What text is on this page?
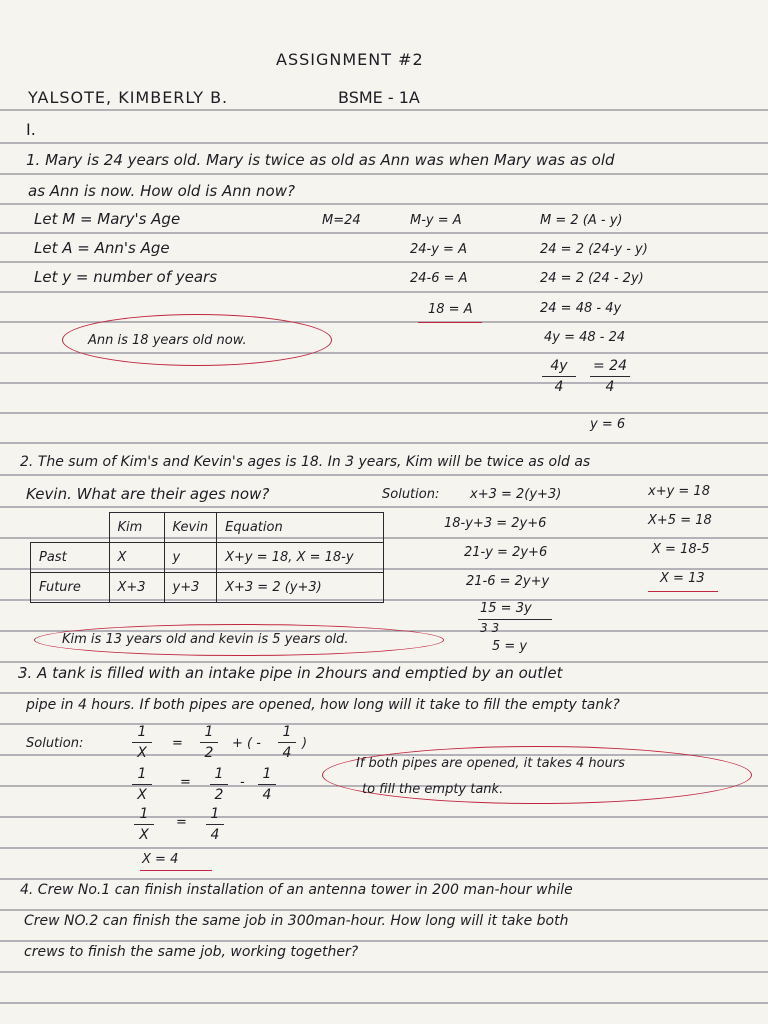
ASSIGNMENT #2
YALSOTE, KIMBERLY B.	BSME - 1A
I.
1. Mary is 24 years old. Mary is twice as old as Ann was when Mary was as old
as Ann is now. How old is Ann now?
Let M = Mary's Age
Let A = Ann's Age
Let y = number of years
M=24	M-y = A
24-y = A
24-6 = A
18 = A
M = 2 (A - y)
24 = 2 (24-y - y)
24 = 2 (24 - 2y)
24 = 48 - 4y
4y = 48 - 24
4y
4
= 24
4
y = 6
Ann is 18 years old now.
2. The sum of Kim's and Kevin's ages is 18. In 3 years, Kim will be twice as old as
Kevin. What are their ages now?	Solution:
	Kim	Kevin	Equation
Past	X	y	X+y = 18, X = 18-y
Future	X+3	y+3	X+3 = 2 (y+3)
x+3 = 2(y+3)
18-y+3 = 2y+6
21-y = 2y+6
21-6 = 2y+y
15 = 3y
3 3
5 = y
x+y = 18
X+5 = 18
X = 18-5
X = 13
Kim is 13 years old and kevin is 5 years old.
3. A tank is filled with an intake pipe in 2hours and emptied by an outlet
pipe in 4 hours. If both pipes are opened, how long will it take to fill the empty tank?
Solution:
1
X
=
1
2
+ ( -
1
4
)
1
X
=
1
2
-
1
4
1
X
=
1
4
X = 4
If both pipes are opened, it takes 4 hours
to fill the empty tank.
4. Crew No.1 can finish installation of an antenna tower in 200 man-hour while
Crew NO.2 can finish the same job in 300man-hour. How long will it take both
crews to finish the same job, working together?
